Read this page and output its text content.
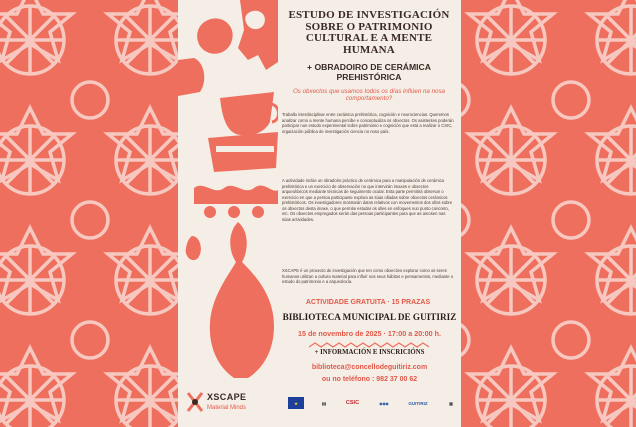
ESTUDO DE INVESTIGACIÓN SOBRE O PATRIMONIO CULTURAL E A MENTE HUMANA
+ OBRADOIRO DE CERÁMICA PREHISTÓRICA
Os obxectos que usamos todos os días inflúen na nosa comportamento?
Traballo interdisciplinar entre cerámica prehistórica, cognición e neurociencias. Queremos analizar como a mente humana percibe e conceptualiza os obxectos. Os asistentes poderán participar nun estudo experimental sobre patrimonio e cognición que está a realizar o CSIC, orgaización pública de investigación ciencia no noso país.
A actividade inclúe un obradoiro práctico de cerámica para a manipulación de cerámica prehistórica e un exercicio de observación no que intervirán imaxes e obxectos arqueolóxicos mediante técnicas de seguimento ocular. Esta parte permitirá observar o exercicio en que a persoa participante explora as súas olladas sobre obxectos cerámicos prehistóricos. Os investigadores mostrarán datos relativos con movementos dos ollos sobre os obxectos desta imaxe, o que permite estudar os olles en enfoques nun punto concreto, etc. Os obxectos empregados serán das persoas participantes para que as amosen nas súas actividades.
XSCAPE é un proxecto de investigación que ten como obxectivo explorar como os seres humanos utilizan a cultura material para influír nos seus hábitos e pensamentos, mediante o estudo do patrimonio e a arqueoloxía.
ACTIVIDADE GRATUITA · 15 PRAZAS
BIBLIOTECA MUNICIPAL DE GUITIRIZ
15 de novembro de 2025 · 17:00 a 20:00 h.
+ INFORMACIÓN E INSCRICIÓNS
biblioteca@concellodeguitiriz.com
ou no teléfono : 982 37 00 62
XSCAPE
Material Minds
★	▮▮	CSIC	◆◆◆	GUITIRIZ	▦
